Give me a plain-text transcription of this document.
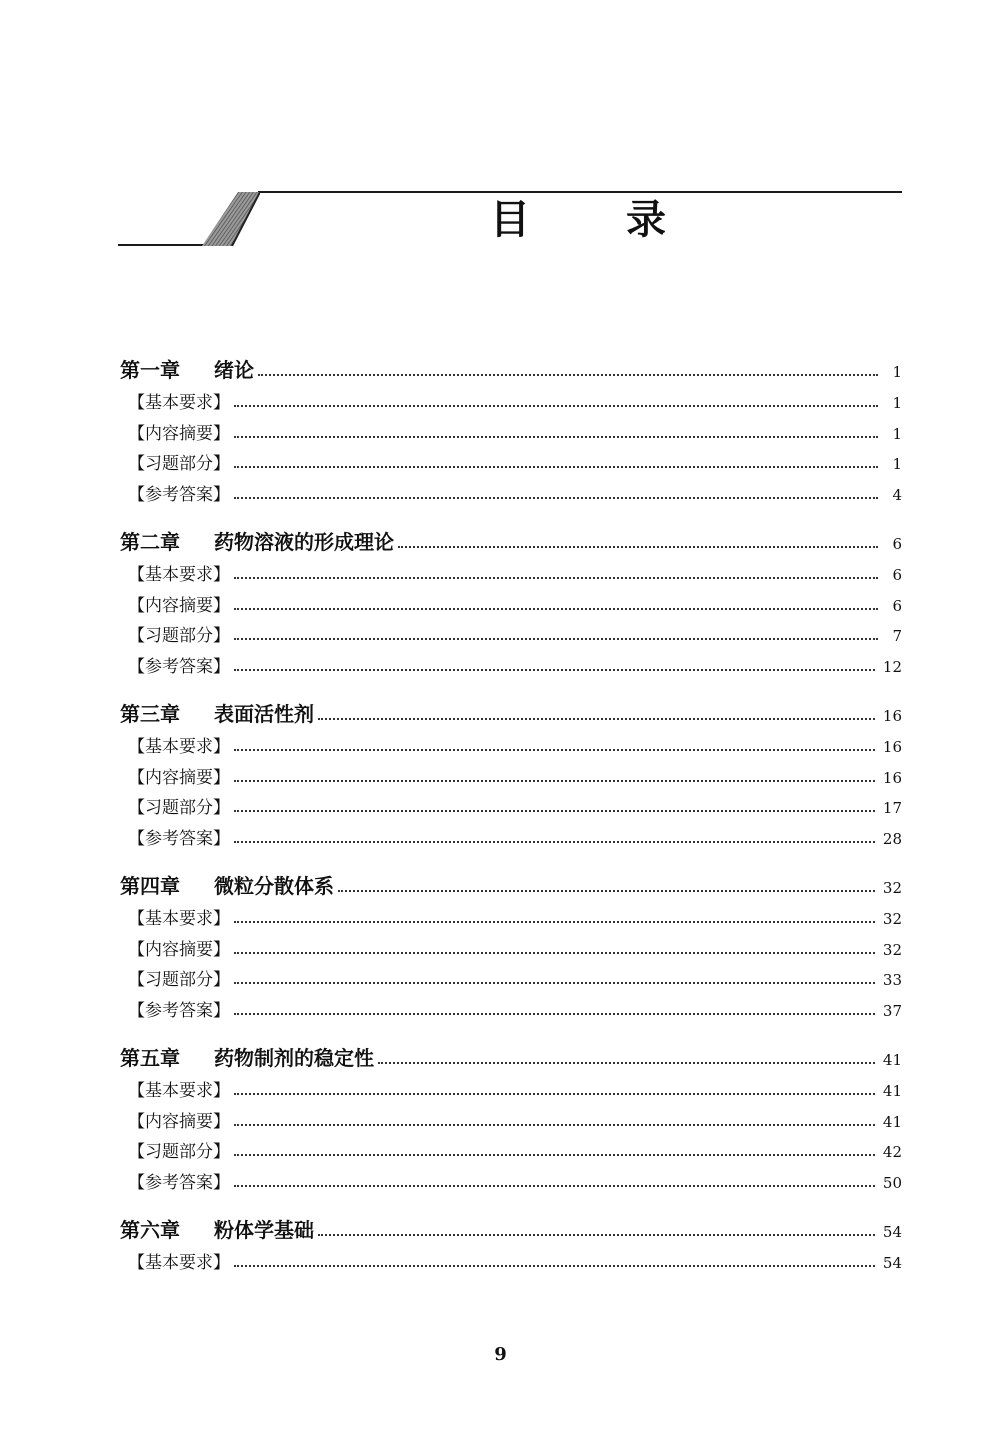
目录
第一章	绪论	1
【基本要求】	1
【内容摘要】	1
【习题部分】	1
【参考答案】	4
第二章	药物溶液的形成理论	6
【基本要求】	6
【内容摘要】	6
【习题部分】	7
【参考答案】	12
第三章	表面活性剂	16
【基本要求】	16
【内容摘要】	16
【习题部分】	17
【参考答案】	28
第四章	微粒分散体系	32
【基本要求】	32
【内容摘要】	32
【习题部分】	33
【参考答案】	37
第五章	药物制剂的稳定性	41
【基本要求】	41
【内容摘要】	41
【习题部分】	42
【参考答案】	50
第六章	粉体学基础	54
【基本要求】	54
9
